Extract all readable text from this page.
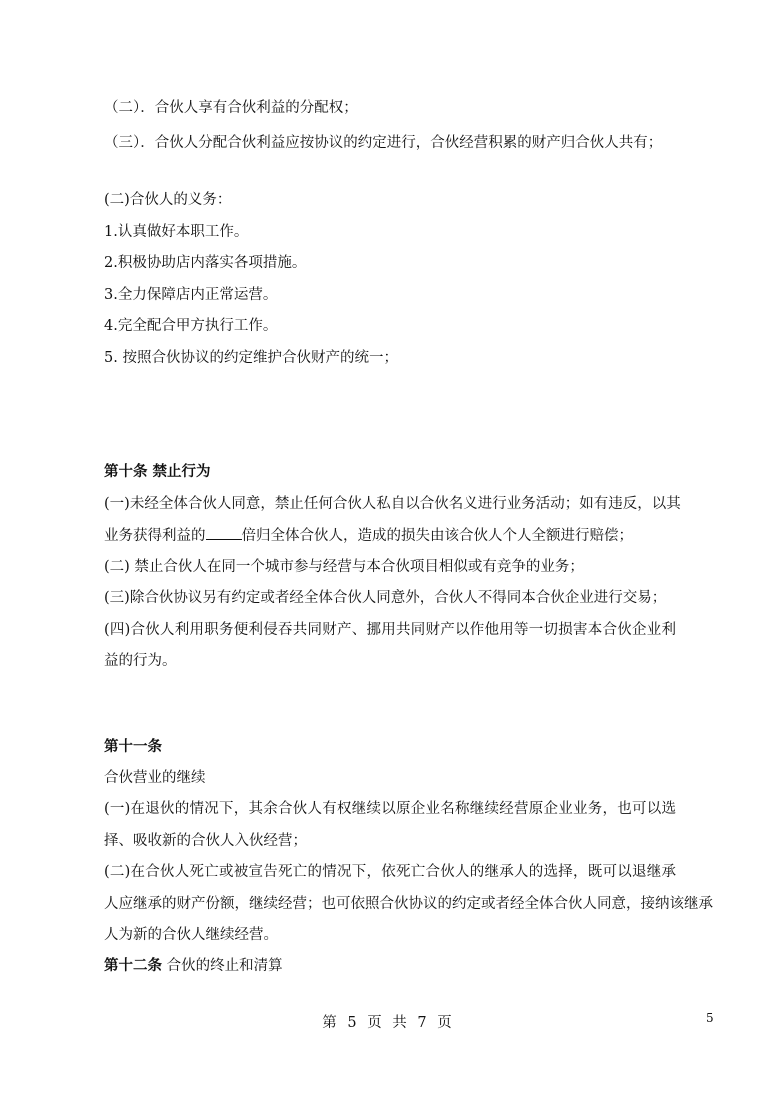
（二）．合伙人享有合伙利益的分配权；
（三）．合伙人分配合伙利益应按协议的约定进行，合伙经营积累的财产归合伙人共有；
(二)合伙人的义务：
1.认真做好本职工作。
2.积极协助店内落实各项措施。
3.全力保障店内正常运营。
4.完全配合甲方执行工作。
5. 按照合伙协议的约定维护合伙财产的统一；
第十条 禁止行为
(一)未经全体合伙人同意，禁止任何合伙人私自以合伙名义进行业务活动；如有违反，以其
业务获得利益的 倍归全体合伙人，造成的损失由该合伙人个人全额进行赔偿；
(二) 禁止合伙人在同一个城市参与经营与本合伙项目相似或有竞争的业务；
(三)除合伙协议另有约定或者经全体合伙人同意外，合伙人不得同本合伙企业进行交易；
(四)合伙人利用职务便利侵吞共同财产、挪用共同财产以作他用等一切损害本合伙企业利
益的行为。
第十一条
合伙营业的继续
(一)在退伙的情况下，其余合伙人有权继续以原企业名称继续经营原企业业务，也可以选
择、吸收新的合伙人入伙经营；
(二)在合伙人死亡或被宣告死亡的情况下，依死亡合伙人的继承人的选择，既可以退继承
人应继承的财产份额，继续经营；也可依照合伙协议的约定或者经全体合伙人同意，接纳该继承
人为新的合伙人继续经营。
第十二条 合伙的终止和清算
第 5 页 共 7 页	5
